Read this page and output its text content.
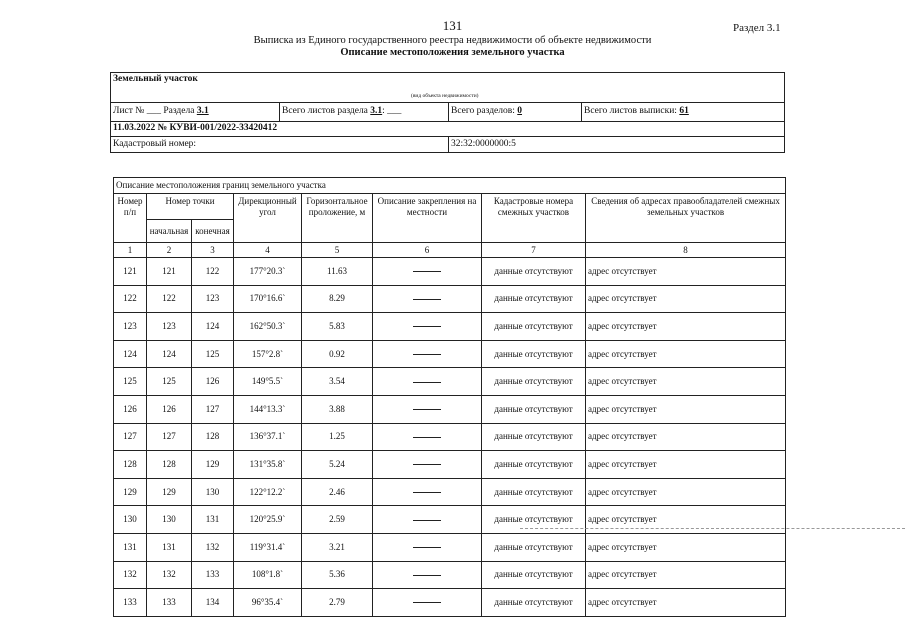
131	Раздел 3.1
Выписка из Единого государственного реестра недвижимости об объекте недвижимости
Описание местоположения земельного участка
Земельный участок
(вид объекта недвижимости)
Лист № ___ Раздела 3.1	Всего листов раздела 3.1: ___	Всего разделов: 0	Всего листов выписки: 61
11.03.2022 № КУВИ-001/2022-33420412
Кадастровый номер:	32:32:0000000:5
Описание местоположения границ земельного участка							
Номер п/п	Номер точки		Дирекционный угол	Горизонтальное проложение, м	Описание закрепления на местности	Кадастровые номера смежных участков	Сведения об адресах правообладателей смежных земельных участков
	начальная	конечная					
1	2	3	4	5	6	7	8
121	121	122	177°20.3`	11.63		данные отсутствуют	адрес отсутствует
122	122	123	170°16.6`	8.29		данные отсутствуют	адрес отсутствует
123	123	124	162°50.3`	5.83		данные отсутствуют	адрес отсутствует
124	124	125	157°2.8`	0.92		данные отсутствуют	адрес отсутствует
125	125	126	149°5.5`	3.54		данные отсутствуют	адрес отсутствует
126	126	127	144°13.3`	3.88		данные отсутствуют	адрес отсутствует
127	127	128	136°37.1`	1.25		данные отсутствуют	адрес отсутствует
128	128	129	131°35.8`	5.24		данные отсутствуют	адрес отсутствует
129	129	130	122°12.2`	2.46		данные отсутствуют	адрес отсутствует
130	130	131	120°25.9`	2.59		данные отсутствуют	адрес отсутствует
131	131	132	119°31.4`	3.21		данные отсутствуют	адрес отсутствует
132	132	133	108°1.8`	5.36		данные отсутствуют	адрес отсутствует
133	133	134	96°35.4`	2.79		данные отсутствуют	адрес отсутствует
